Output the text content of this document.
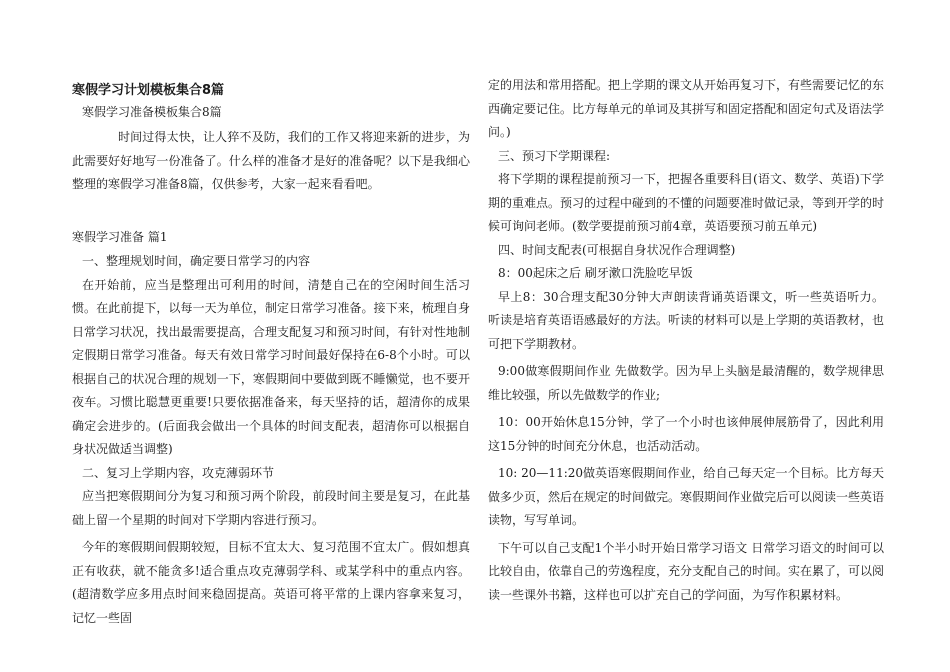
寒假学习计划模板集合8篇

寒假学习准备模板集合8篇

时间过得太快，让人猝不及防，我们的工作又将迎来新的进步，为此需要好好地写一份准备了。什么样的准备才是好的准备呢？以下是我细心整理的寒假学习准备8篇，仅供参考，大家一起来看看吧。

寒假学习准备 篇1

一、整理规划时间，确定要日常学习的内容

在开始前，应当是整理出可利用的时间，清楚自己在的空闲时间生活习惯。在此前提下，以每一天为单位，制定日常学习准备。接下来，梳理自身日常学习状况，找出最需要提高，合理支配复习和预习时间，有针对性地制定假期日常学习准备。每天有效日常学习时间最好保持在6-8个小时。可以根据自己的状况合理的规划一下，寒假期间中要做到既不睡懒觉，也不要开夜车。习惯比聪慧更重要!只要依据准备来，每天坚持的话，超清你的成果确定会进步的。(后面我会做出一个具体的时间支配表，超清你可以根据自身状况做适当调整)

二、复习上学期内容，攻克薄弱环节

应当把寒假期间分为复习和预习两个阶段，前段时间主要是复习，在此基础上留一个星期的时间对下学期内容进行预习。

今年的寒假期间假期较短，目标不宜太大、复习范围不宜太广。假如想真正有收获，就不能贪多!适合重点攻克薄弱学科、或某学科中的重点内容。(超清数学应多用点时间来稳固提高。英语可将平常的上课内容拿来复习，记忆一些固

定的用法和常用搭配。把上学期的课文从开始再复习下，有些需要记忆的东西确定要记住。比方每单元的单词及其拼写和固定搭配和固定句式及语法学问。)

三、预习下学期课程:

将下学期的课程提前预习一下，把握各重要科目(语文、数学、英语)下学期的重难点。预习的过程中碰到的不懂的问题要准时做记录，等到开学的时候可询问老师。(数学要提前预习前4章，英语要预习前五单元)

四、时间支配表(可根据自身状况作合理调整)

8：00起床之后 刷牙漱口洗脸吃早饭

早上8：30合理支配30分钟大声朗读背诵英语课文，听一些英语听力。听读是培育英语语感最好的方法。听读的材料可以是上学期的英语教材，也可把下学期教材。

9:00做寒假期间作业 先做数学。因为早上头脑是最清醒的，数学规律思维比较强，所以先做数学的作业;

10：00开始休息15分钟，学了一个小时也该伸展伸展筋骨了，因此利用这15分钟的时间充分休息，也活动活动。

10: 20—11:20做英语寒假期间作业，给自己每天定一个目标。比方每天做多少页，然后在规定的时间做完。寒假期间作业做完后可以阅读一些英语读物，写写单词。

下午可以自己支配1个半小时开始日常学习语文 日常学习语文的时间可以比较自由，依靠自己的劳逸程度，充分支配自己的时间。实在累了，可以阅读一些课外书籍，这样也可以扩充自己的学问面，为写作积累材料。
